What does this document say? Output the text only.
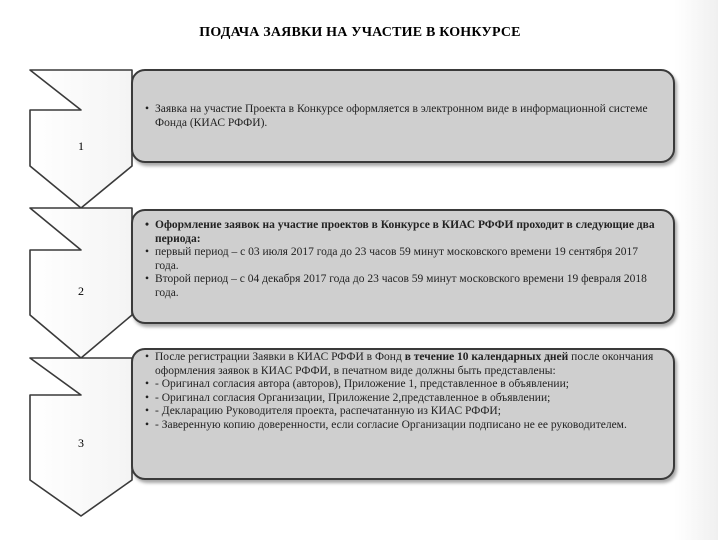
ПОДАЧА ЗАЯВКИ НА УЧАСТИЕ В КОНКУРСЕ
1
2
3
• Заявка на участие Проекта в Конкурсе оформляется в электронном виде в информационной системе Фонда (КИАС РФФИ).
• Оформление заявок на участие проектов в Конкурсе в КИАС РФФИ проходит в следующие два периода:
• первый период – с 03 июля 2017 года до 23 часов 59 минут московского времени 19 сентября 2017 года.
• Второй период – с 04 декабря 2017 года до 23 часов 59 минут московского времени 19 февраля 2018 года.
• После регистрации Заявки в КИАС РФФИ в Фонд в течение 10 календарных дней после окончания оформления заявок в КИАС РФФИ, в печатном виде должны быть представлены:
• - Оригинал согласия автора (авторов), Приложение 1, представленное в объявлении;
• - Оригинал согласия Организации, Приложение 2,представленное в объявлении;
• - Декларацию Руководителя проекта, распечатанную из КИАС РФФИ;
• - Заверенную копию доверенности, если согласие Организации подписано не ее руководителем.
